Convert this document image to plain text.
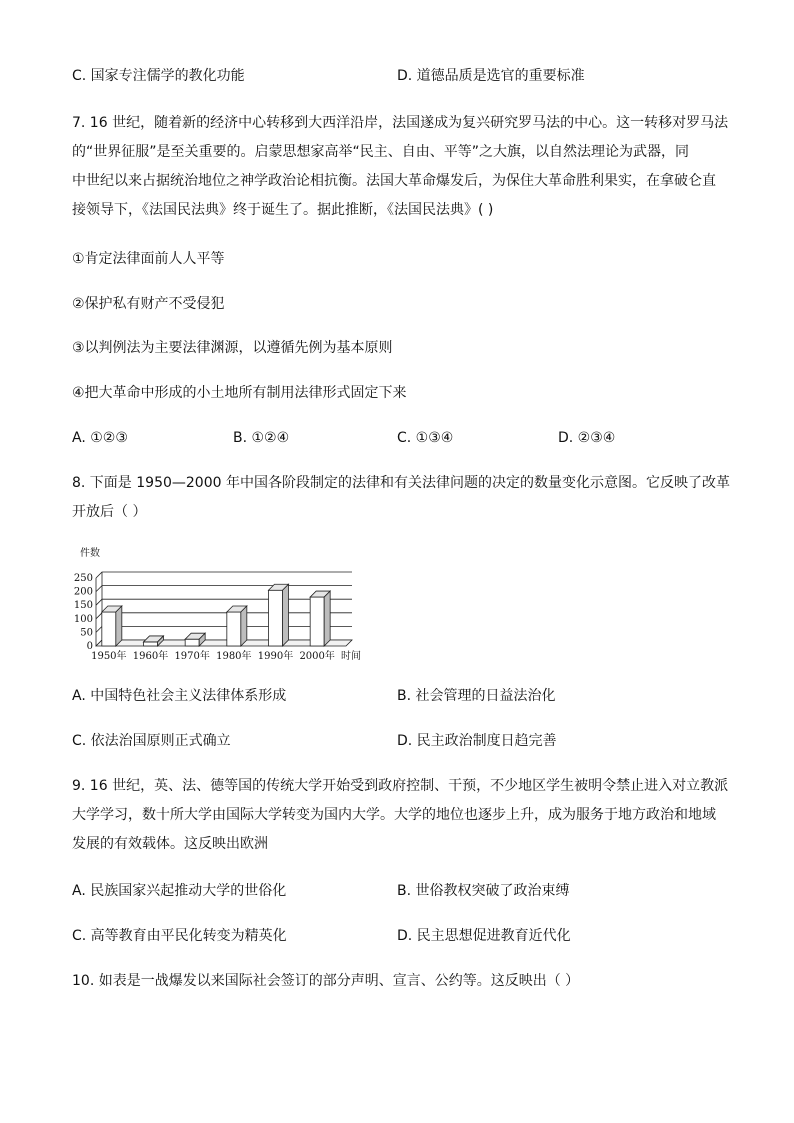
C. 国家专注儒学的教化功能	D. 道德品质是选官的重要标准
7. 16 世纪，随着新的经济中心转移到大西洋沿岸，法国遂成为复兴研究罗马法的中心。这一转移对罗马法
的“世界征服”是至关重要的。启蒙思想家高举“民主、自由、平等”之大旗，以自然法理论为武器，同
中世纪以来占据统治地位之神学政治论相抗衡。法国大革命爆发后，为保住大革命胜利果实，在拿破仑直
接领导下，《法国民法典》终于诞生了。据此推断，《法国民法典》( )
①肯定法律面前人人平等
②保护私有财产不受侵犯
③以判例法为主要法律渊源，以遵循先例为基本原则
④把大革命中形成的小土地所有制用法律形式固定下来
A. ①②③	B. ①②④	C. ①③④	D. ②③④
8. 下面是 1950—2000 年中国各阶段制定的法律和有关法律问题的决定的数量变化示意图。它反映了改革
开放后（ ）
件数
250
200
150
100
50
0
1950年 1960年 1970年 1980年 1990年 2000年 时间
A. 中国特色社会主义法律体系形成	B. 社会管理的日益法治化
C. 依法治国原则正式确立	D. 民主政治制度日趋完善
9. 16 世纪，英、法、德等国的传统大学开始受到政府控制、干预，不少地区学生被明令禁止进入对立教派
大学学习，数十所大学由国际大学转变为国内大学。大学的地位也逐步上升，成为服务于地方政治和地域
发展的有效载体。这反映出欧洲
A. 民族国家兴起推动大学的世俗化	B. 世俗教权突破了政治束缚
C. 高等教育由平民化转变为精英化	D. 民主思想促进教育近代化
10. 如表是一战爆发以来国际社会签订的部分声明、宣言、公约等。这反映出（ ）
